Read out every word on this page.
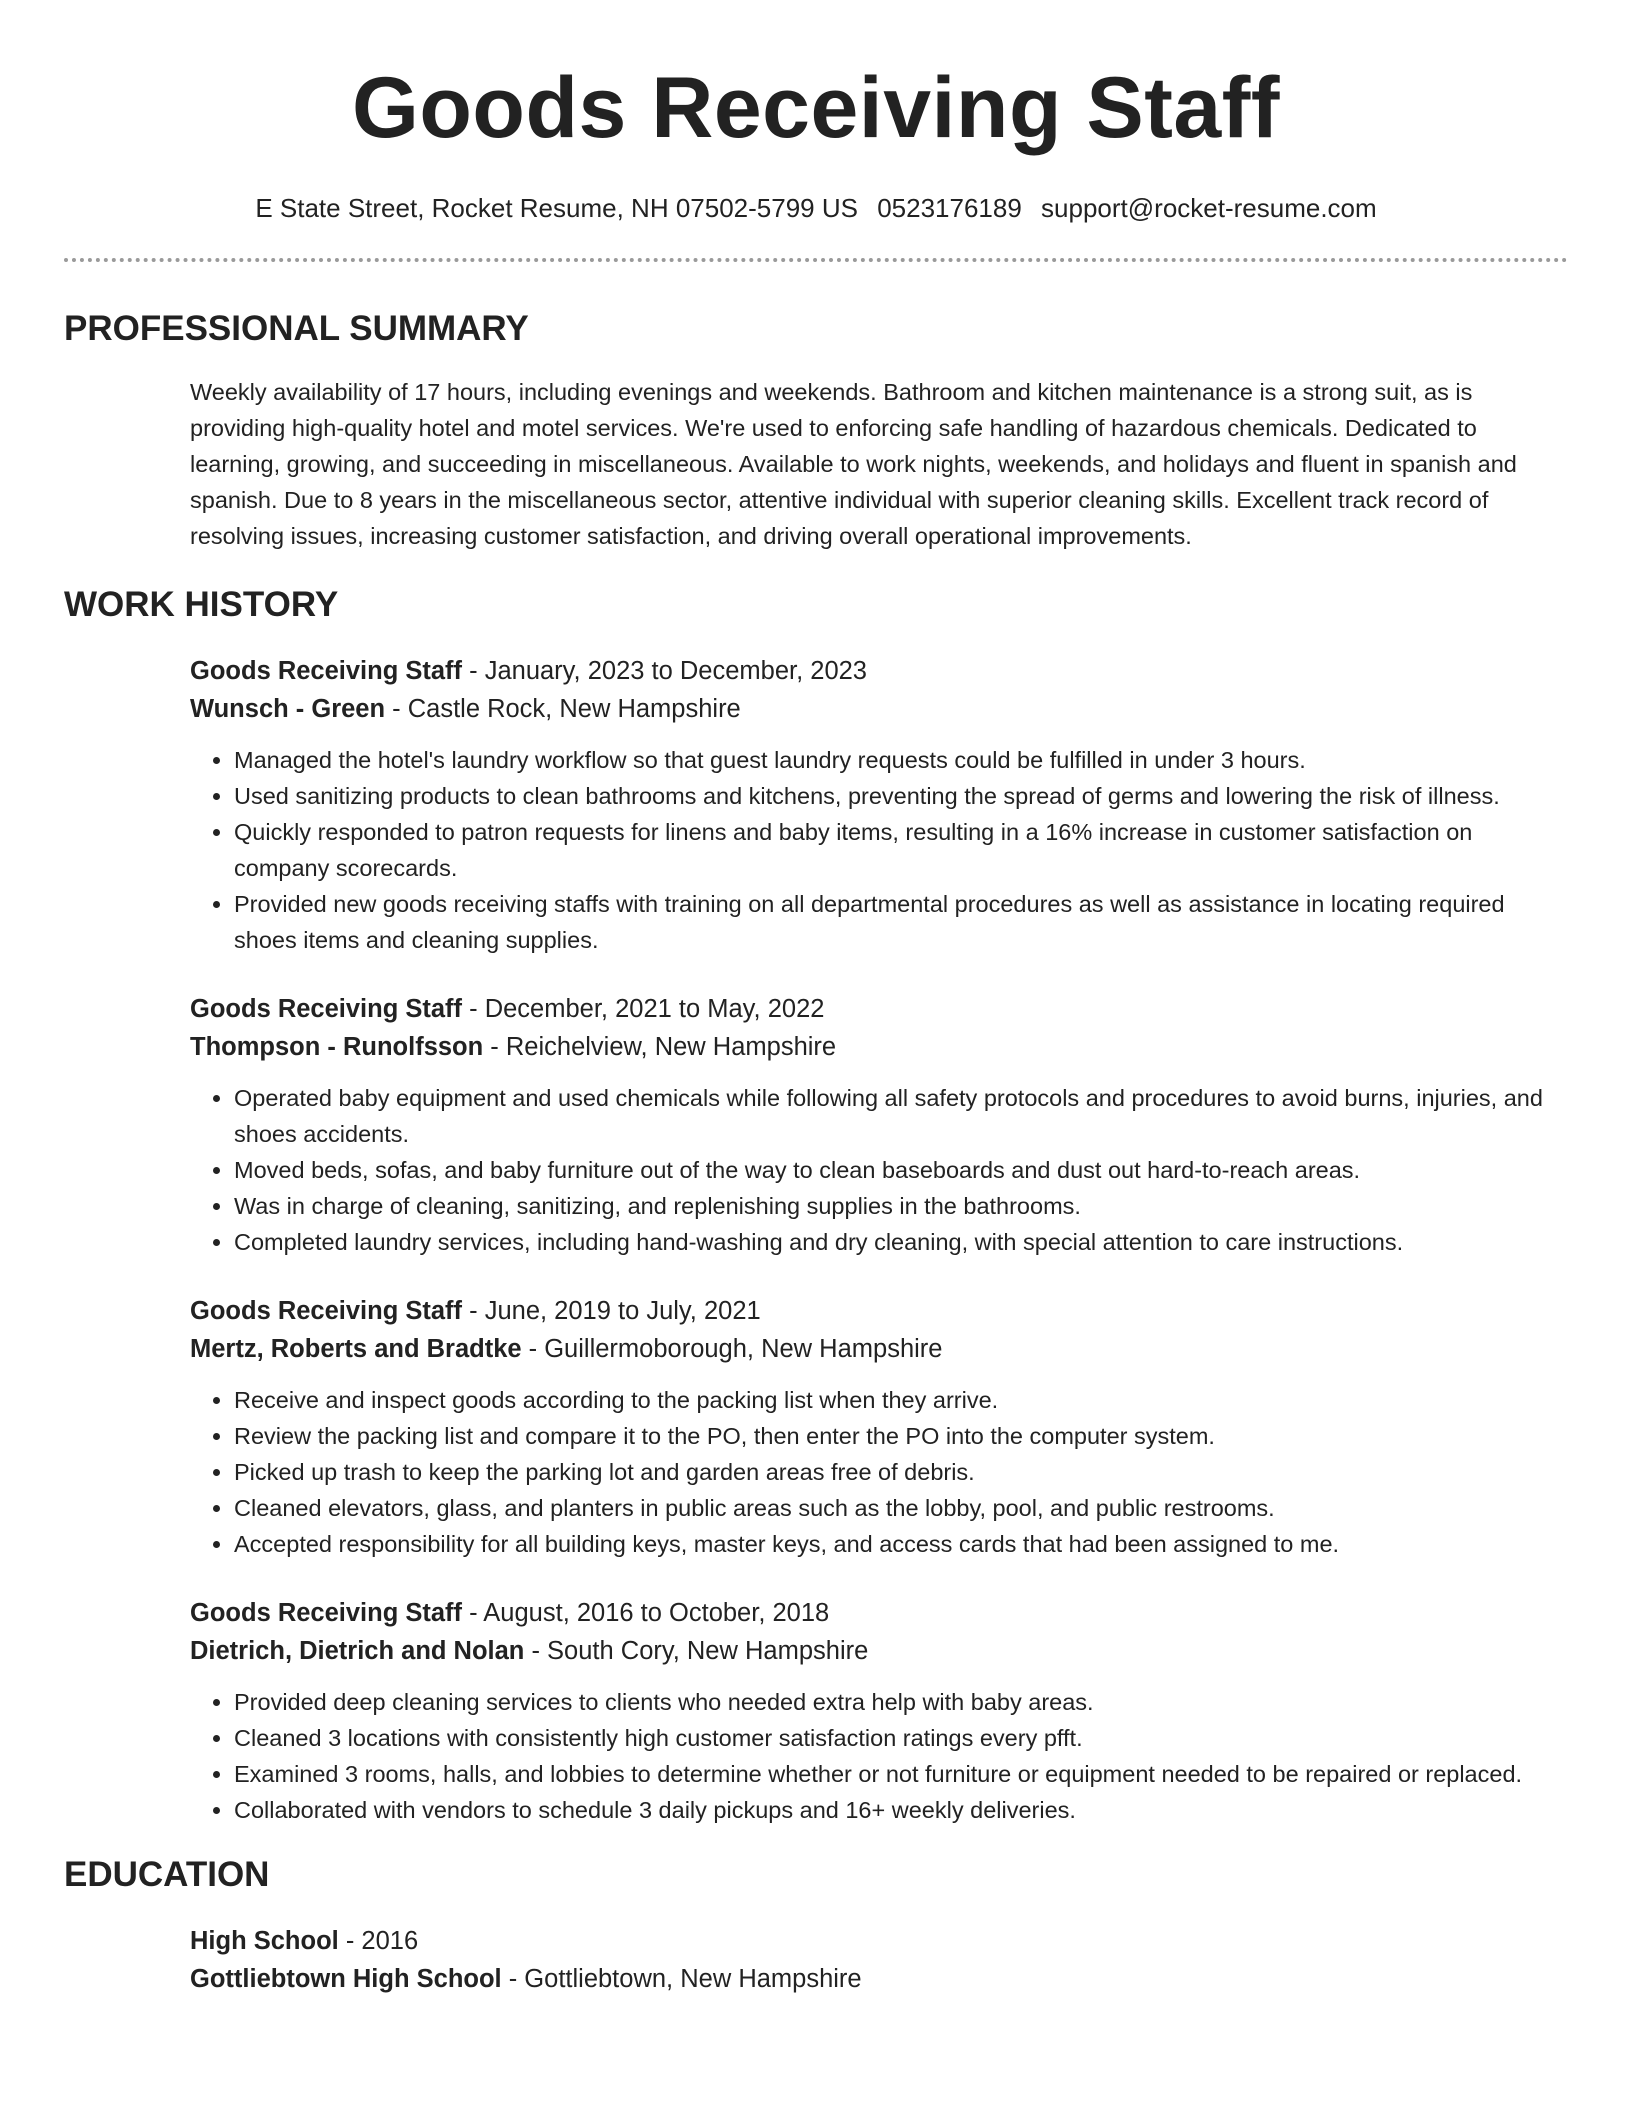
Goods Receiving Staff
E State Street, Rocket Resume, NH 07502-5799 US 0523176189 support@rocket-resume.com
PROFESSIONAL SUMMARY
Weekly availability of 17 hours, including evenings and weekends. Bathroom and kitchen maintenance is a strong suit, as is providing high-quality hotel and motel services. We're used to enforcing safe handling of hazardous chemicals. Dedicated to learning, growing, and succeeding in miscellaneous. Available to work nights, weekends, and holidays and fluent in spanish and spanish. Due to 8 years in the miscellaneous sector, attentive individual with superior cleaning skills. Excellent track record of resolving issues, increasing customer satisfaction, and driving overall operational improvements.
WORK HISTORY
Goods Receiving Staff - January, 2023 to December, 2023
Wunsch - Green - Castle Rock, New Hampshire
• Managed the hotel's laundry workflow so that guest laundry requests could be fulfilled in under 3 hours.
• Used sanitizing products to clean bathrooms and kitchens, preventing the spread of germs and lowering the risk of illness.
• Quickly responded to patron requests for linens and baby items, resulting in a 16% increase in customer satisfaction on company scorecards.
• Provided new goods receiving staffs with training on all departmental procedures as well as assistance in locating required shoes items and cleaning supplies.
Goods Receiving Staff - December, 2021 to May, 2022
Thompson - Runolfsson - Reichelview, New Hampshire
• Operated baby equipment and used chemicals while following all safety protocols and procedures to avoid burns, injuries, and shoes accidents.
• Moved beds, sofas, and baby furniture out of the way to clean baseboards and dust out hard-to-reach areas.
• Was in charge of cleaning, sanitizing, and replenishing supplies in the bathrooms.
• Completed laundry services, including hand-washing and dry cleaning, with special attention to care instructions.
Goods Receiving Staff - June, 2019 to July, 2021
Mertz, Roberts and Bradtke - Guillermoborough, New Hampshire
• Receive and inspect goods according to the packing list when they arrive.
• Review the packing list and compare it to the PO, then enter the PO into the computer system.
• Picked up trash to keep the parking lot and garden areas free of debris.
• Cleaned elevators, glass, and planters in public areas such as the lobby, pool, and public restrooms.
• Accepted responsibility for all building keys, master keys, and access cards that had been assigned to me.
Goods Receiving Staff - August, 2016 to October, 2018
Dietrich, Dietrich and Nolan - South Cory, New Hampshire
• Provided deep cleaning services to clients who needed extra help with baby areas.
• Cleaned 3 locations with consistently high customer satisfaction ratings every pfft.
• Examined 3 rooms, halls, and lobbies to determine whether or not furniture or equipment needed to be repaired or replaced.
• Collaborated with vendors to schedule 3 daily pickups and 16+ weekly deliveries.
EDUCATION
High School - 2016
Gottliebtown High School - Gottliebtown, New Hampshire
